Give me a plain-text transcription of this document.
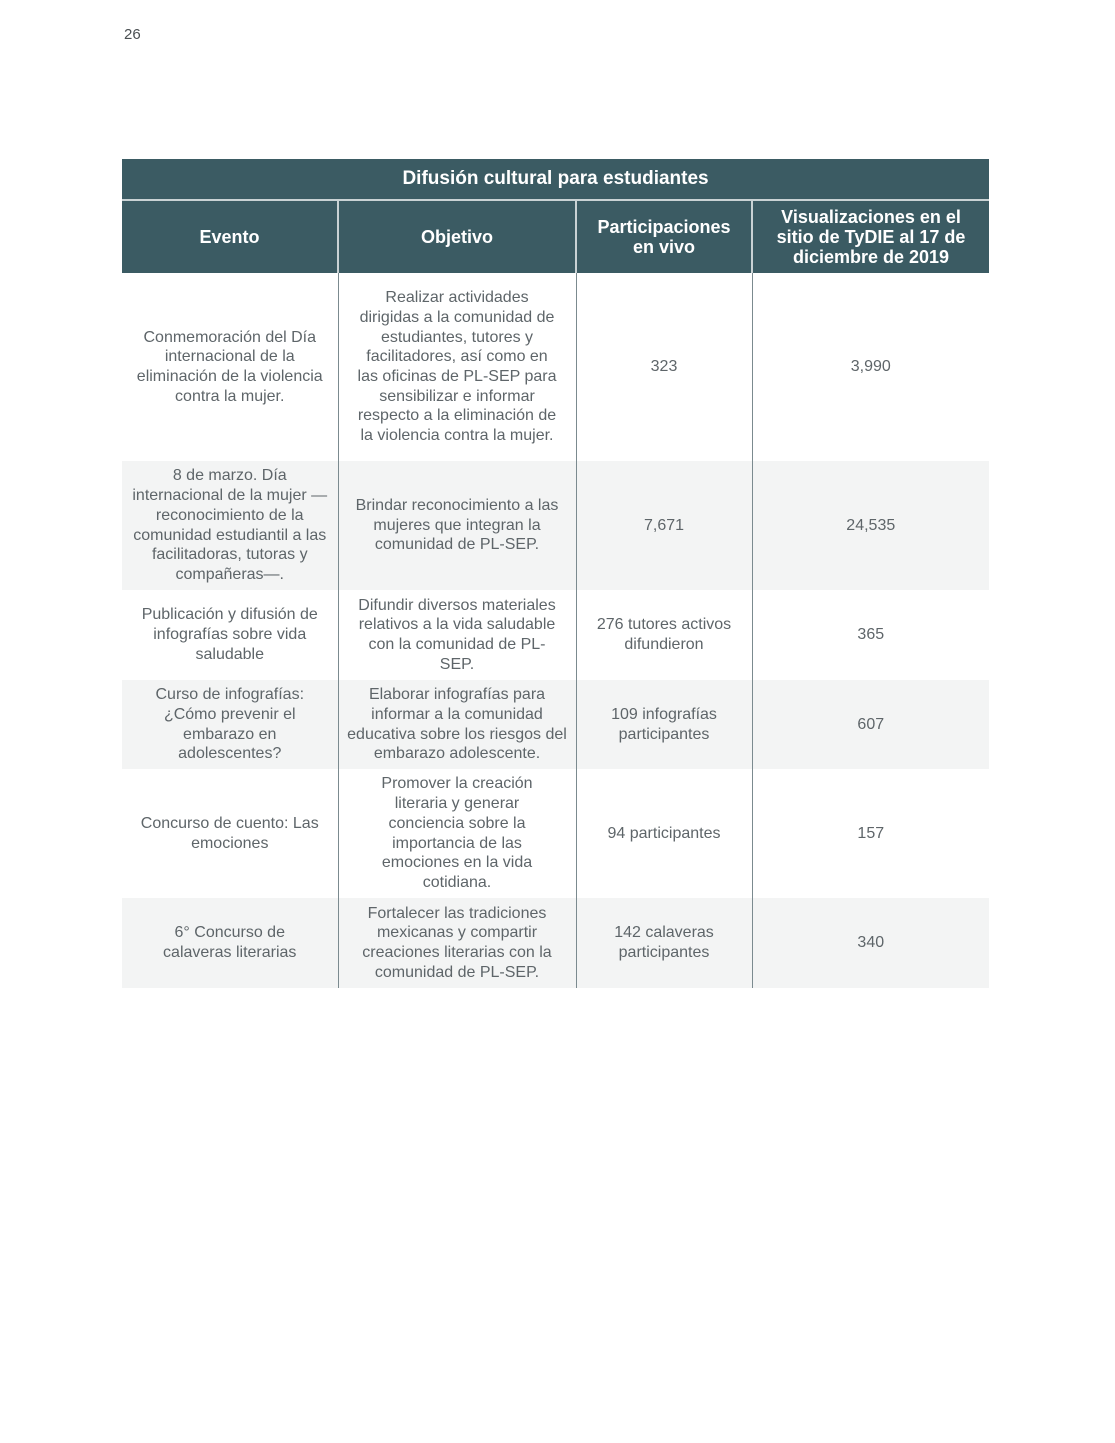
26
Difusión cultural para estudiantes			
Evento	Objetivo	Participaciones en vivo	Visualizaciones en el sitio de TyDIE al 17 de diciembre de 2019
Conmemoración del Día internacional de la eliminación de la violencia contra la mujer.	Realizar actividades dirigidas a la comunidad de estudiantes, tutores y facilitadores, así como en las oficinas de PL-SEP para sensibilizar e informar respecto a la eliminación de la violencia contra la mujer.	323	3,990
8 de marzo. Día internacional de la mujer —reconocimiento de la comunidad estudiantil a las facilitadoras, tutoras y compañeras—.	Brindar reconocimiento a las mujeres que integran la comunidad de PL-SEP.	7,671	24,535
Publicación y difusión de infografías sobre vida saludable	Difundir diversos materiales relativos a la vida saludable con la comunidad de PL-SEP.	276 tutores activos difundieron	365
Curso de infografías: ¿Cómo prevenir el embarazo en adolescentes?	Elaborar infografías para informar a la comunidad educativa sobre los riesgos del embarazo adolescente.	109 infografías participantes	607
Concurso de cuento: Las emociones	Promover la creación literaria y generar conciencia sobre la importancia de las emociones en la vida cotidiana.	94 participantes	157
6° Concurso de calaveras literarias	Fortalecer las tradiciones mexicanas y compartir creaciones literarias con la comunidad de PL-SEP.	142 calaveras participantes	340
